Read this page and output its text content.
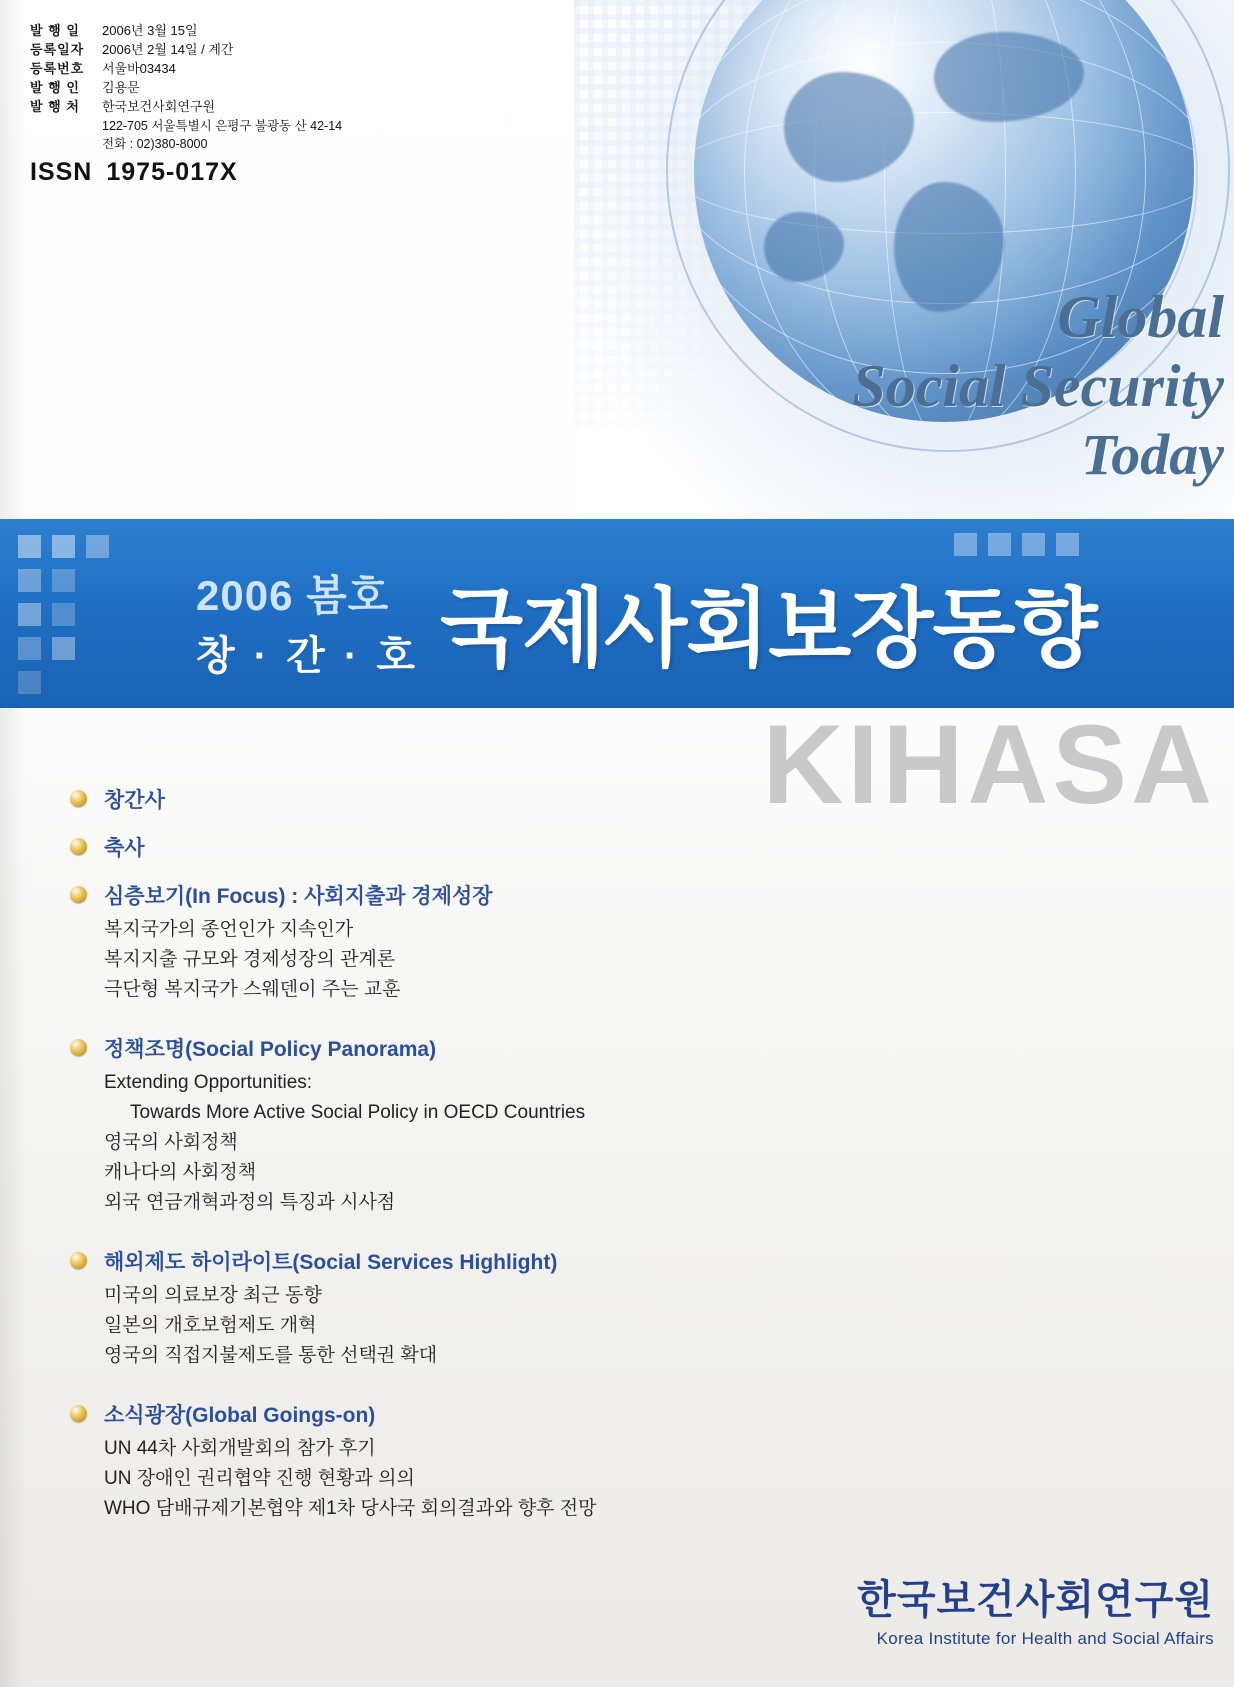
Global
Social Security
Today
발 행 일	2006년 3월 15일
등록일자	2006년 2월 14일 / 계간
등록번호	서울바03434
발 행 인	김용문
발 행 처	한국보건사회연구원
122-705 서울특별시 은평구 불광동 산 42-14
전화 : 02)380-8000
ISSN 1975-017X
2006 봄호
창 · 간 · 호 국제사회보장동향
KIHASA
창간사
축사
심층보기(In Focus) : 사회지출과 경제성장
복지국가의 종언인가 지속인가
복지지출 규모와 경제성장의 관계론
극단형 복지국가 스웨덴이 주는 교훈
정책조명(Social Policy Panorama)
Extending Opportunities:
Towards More Active Social Policy in OECD Countries
영국의 사회정책
캐나다의 사회정책
외국 연금개혁과정의 특징과 시사점
해외제도 하이라이트(Social Services Highlight)
미국의 의료보장 최근 동향
일본의 개호보험제도 개혁
영국의 직접지불제도를 통한 선택권 확대
소식광장(Global Goings-on)
UN 44차 사회개발회의 참가 후기
UN 장애인 권리협약 진행 현황과 의의
WHO 담배규제기본협약 제1차 당사국 회의결과와 향후 전망
한국보건사회연구원
Korea Institute for Health and Social Affairs
